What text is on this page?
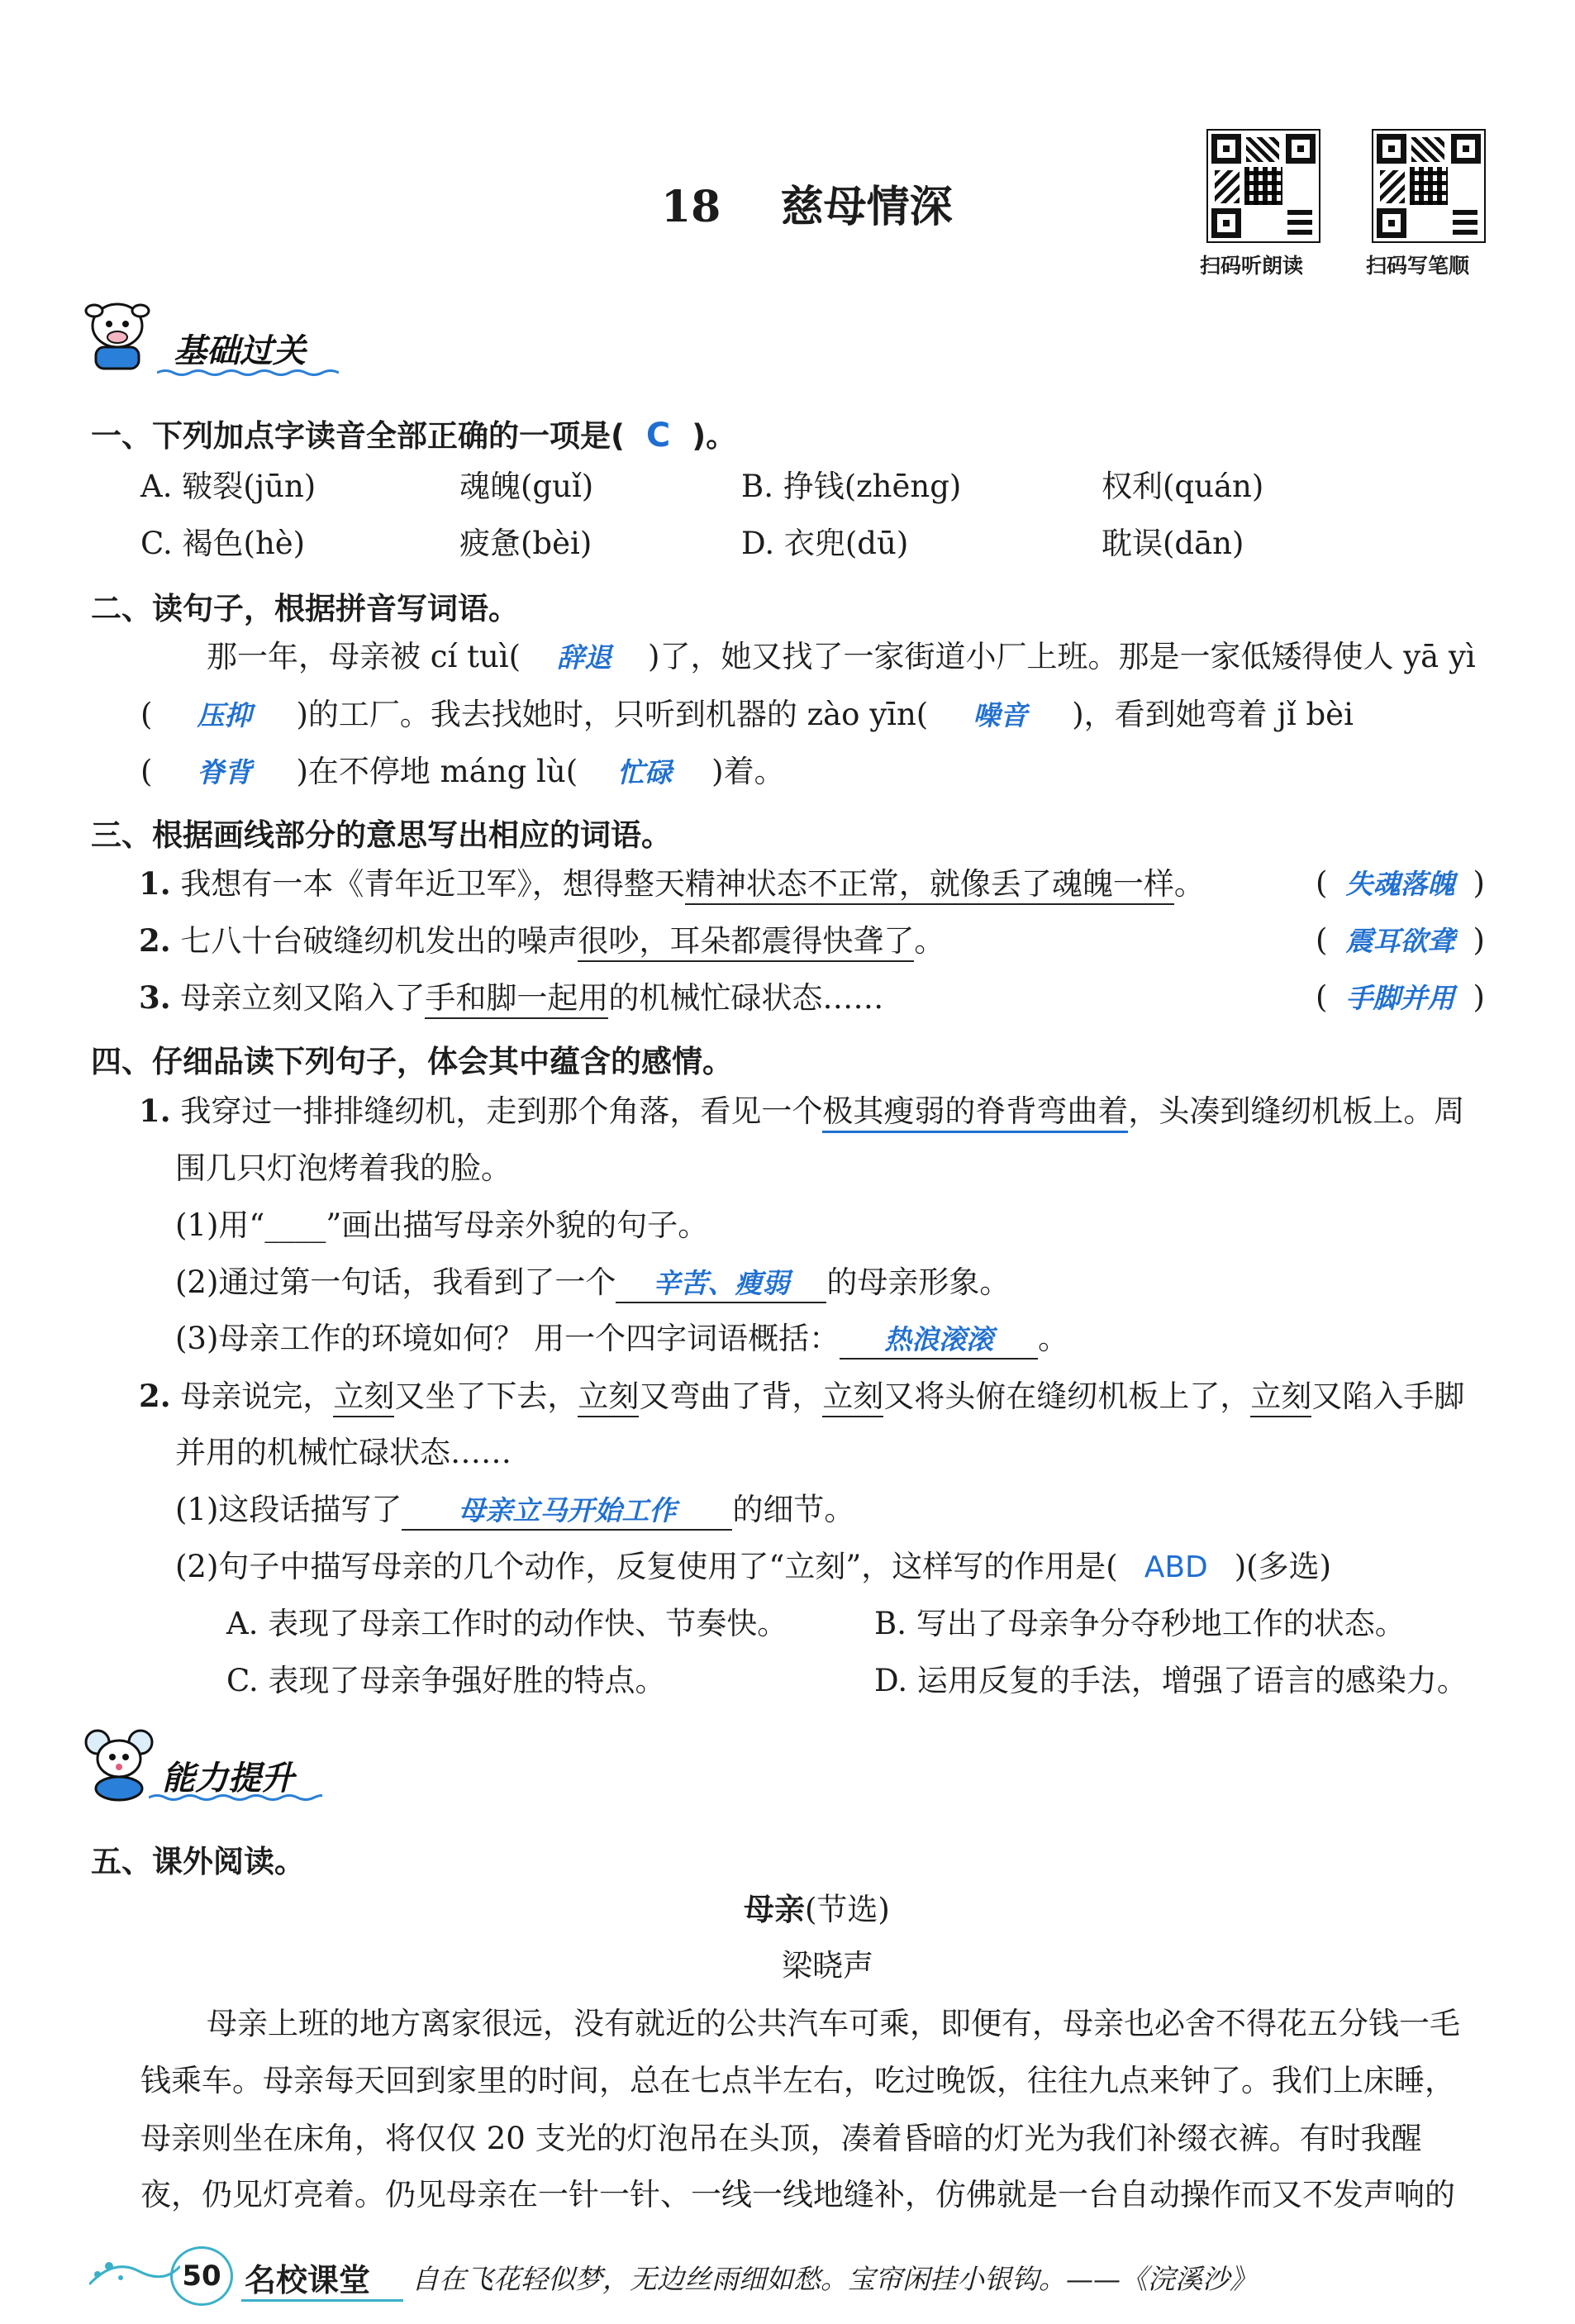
18 慈母情深
扫码听朗读	扫码写笔顺
基础过关
一、下列加点字读音全部正确的一项是( C )。
A. 皲裂(jūn)	魂魄(guǐ)	B. 挣钱(zhēng)	权利(quán)
C. 褐色(hè)	疲惫(bèi)	D. 衣兜(dū)	耽误(dān)
二、读句子，根据拼音写词语。
那一年，母亲被 cí tuì( 辞退 )了，她又找了一家街道小厂上班。那是一家低矮得使人 yā yì
( 压抑 )的工厂。我去找她时，只听到机器的 zào yīn( 噪音 )，看到她弯着 jǐ bèi
( 脊背 )在不停地 máng lù( 忙碌 )着。
三、根据画线部分的意思写出相应的词语。
1. 我想有一本《青年近卫军》，想得整天精神状态不正常，就像丢了魂魄一样。	( 失魂落魄 )
2. 七八十台破缝纫机发出的噪声很吵，耳朵都震得快聋了。	( 震耳欲聋 )
3. 母亲立刻又陷入了手和脚一起用的机械忙碌状态……	( 手脚并用 )
四、仔细品读下列句子，体会其中蕴含的感情。
1. 我穿过一排排缝纫机，走到那个角落，看见一个极其瘦弱的脊背弯曲着，头凑到缝纫机板上。周
围几只灯泡烤着我的脸。
(1)用“____”画出描写母亲外貌的句子。
(2)通过第一句话，我看到了一个 辛苦、瘦弱 的母亲形象。
(3)母亲工作的环境如何？ 用一个四字词语概括： 热浪滚滚 。
2. 母亲说完，立刻又坐了下去，立刻又弯曲了背，立刻又将头俯在缝纫机板上了，立刻又陷入手脚
并用的机械忙碌状态……
(1)这段话描写了 母亲立马开始工作 的细节。
(2)句子中描写母亲的几个动作，反复使用了“立刻”，这样写的作用是( ABD )(多选)
A. 表现了母亲工作时的动作快、节奏快。	B. 写出了母亲争分夺秒地工作的状态。
C. 表现了母亲争强好胜的特点。	D. 运用反复的手法，增强了语言的感染力。
能力提升
五、课外阅读。
母亲(节选)
梁晓声
母亲上班的地方离家很远，没有就近的公共汽车可乘，即便有，母亲也必舍不得花五分钱一毛
钱乘车。母亲每天回到家里的时间，总在七点半左右，吃过晚饭，往往九点来钟了。我们上床睡，
母亲则坐在床角，将仅仅 20 支光的灯泡吊在头顶，凑着昏暗的灯光为我们补缀衣裤。有时我醒
夜，仍见灯亮着。仍见母亲在一针一针、一线一线地缝补，仿佛就是一台自动操作而又不发声响的
50 名校课堂 自在飞花轻似梦，无边丝雨细如愁。宝帘闲挂小银钩。——《浣溪沙》
